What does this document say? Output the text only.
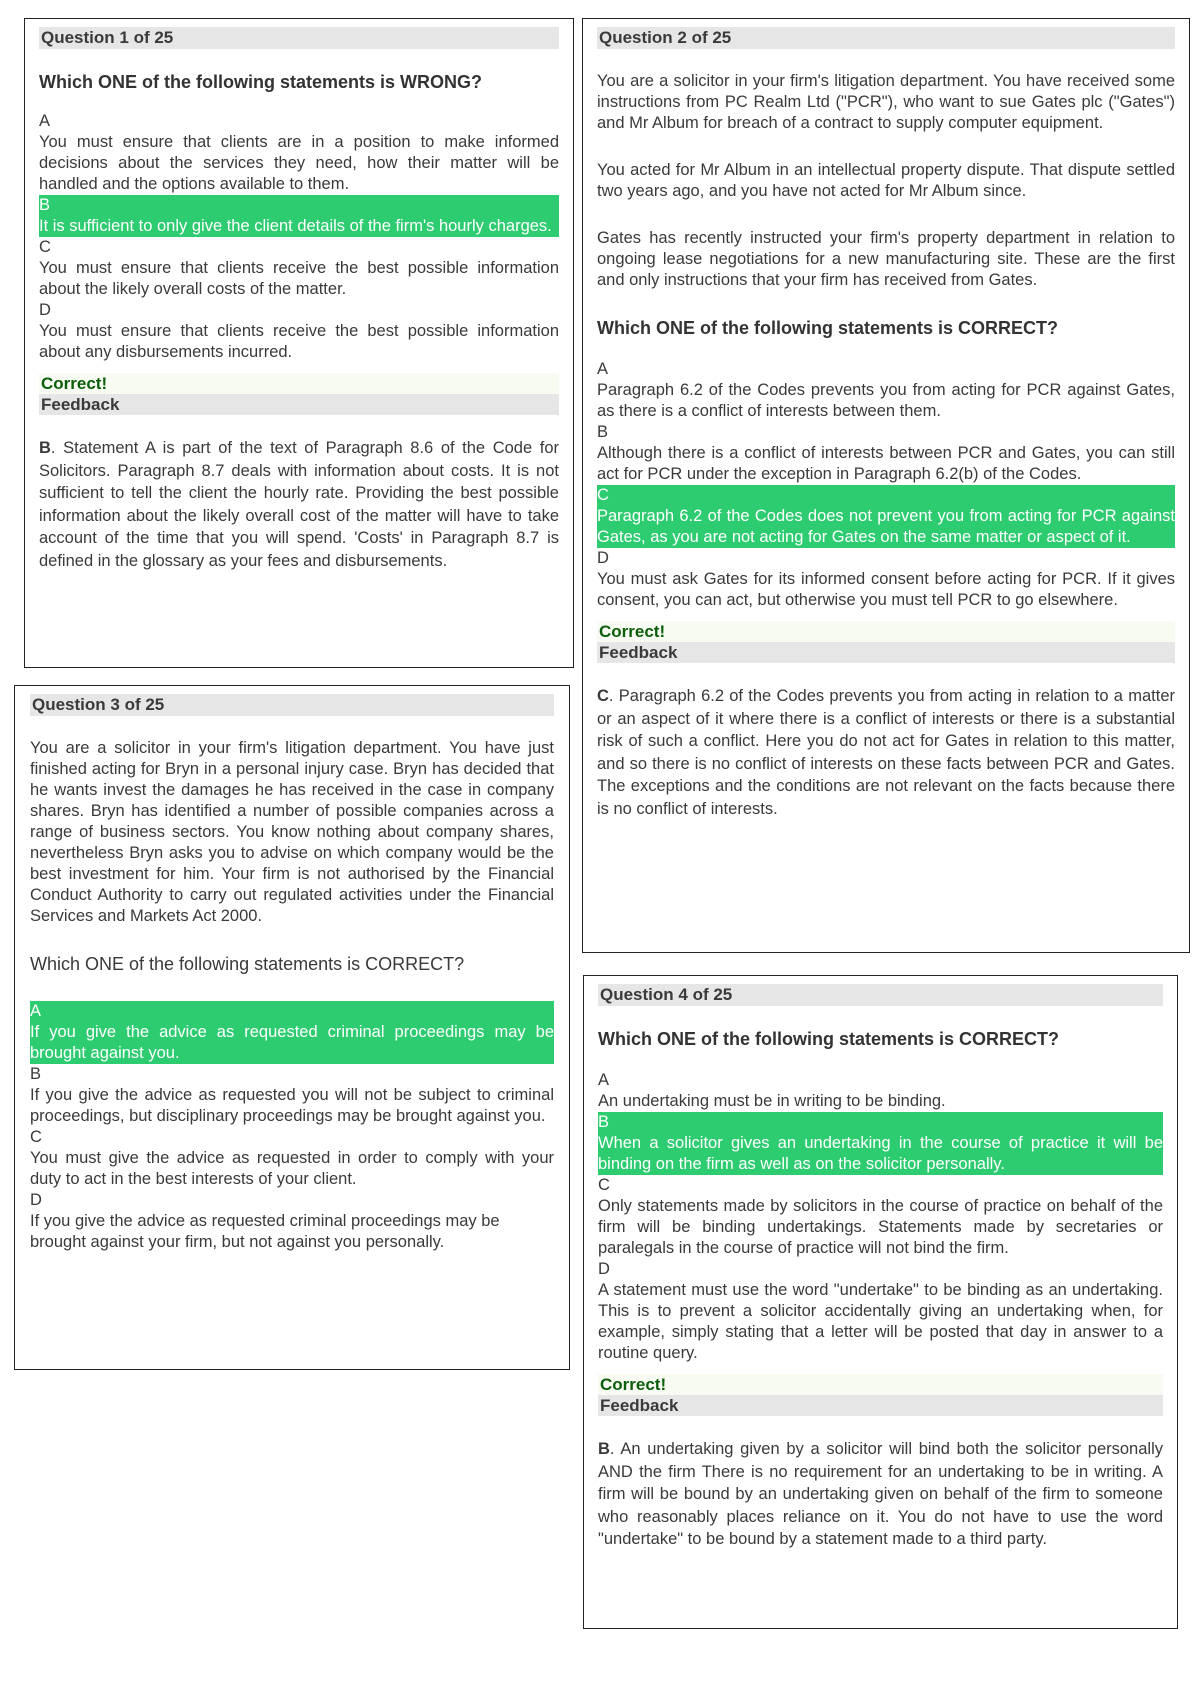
Question 1 of 25
Which ONE of the following statements is WRONG?
A
You must ensure that clients are in a position to make informed decisions about the services they need, how their matter will be handled and the options available to them.
B
It is sufficient to only give the client details of the firm's hourly charges.
C
You must ensure that clients receive the best possible information about the likely overall costs of the matter.
D
You must ensure that clients receive the best possible information about any disbursements incurred.
Correct!
Feedback
B. Statement A is part of the text of Paragraph 8.6 of the Code for Solicitors. Paragraph 8.7 deals with information about costs. It is not sufficient to tell the client the hourly rate. Providing the best possible information about the likely overall cost of the matter will have to take account of the time that you will spend. 'Costs' in Paragraph 8.7 is defined in the glossary as your fees and disbursements.
Question 2 of 25
You are a solicitor in your firm's litigation department. You have received some instructions from PC Realm Ltd ("PCR"), who want to sue Gates plc ("Gates") and Mr Album for breach of a contract to supply computer equipment.
You acted for Mr Album in an intellectual property dispute. That dispute settled two years ago, and you have not acted for Mr Album since.
Gates has recently instructed your firm's property department in relation to ongoing lease negotiations for a new manufacturing site. These are the first and only instructions that your firm has received from Gates.
Which ONE of the following statements is CORRECT?
A
Paragraph 6.2 of the Codes prevents you from acting for PCR against Gates, as there is a conflict of interests between them.
B
Although there is a conflict of interests between PCR and Gates, you can still act for PCR under the exception in Paragraph 6.2(b) of the Codes.
C
Paragraph 6.2 of the Codes does not prevent you from acting for PCR against Gates, as you are not acting for Gates on the same matter or aspect of it.
D
You must ask Gates for its informed consent before acting for PCR. If it gives consent, you can act, but otherwise you must tell PCR to go elsewhere.
Correct!
Feedback
C. Paragraph 6.2 of the Codes prevents you from acting in relation to a matter or an aspect of it where there is a conflict of interests or there is a substantial risk of such a conflict. Here you do not act for Gates in relation to this matter, and so there is no conflict of interests on these facts between PCR and Gates. The exceptions and the conditions are not relevant on the facts because there is no conflict of interests.
Question 3 of 25
You are a solicitor in your firm's litigation department. You have just finished acting for Bryn in a personal injury case. Bryn has decided that he wants invest the damages he has received in the case in company shares. Bryn has identified a number of possible companies across a range of business sectors. You know nothing about company shares, nevertheless Bryn asks you to advise on which company would be the best investment for him. Your firm is not authorised by the Financial Conduct Authority to carry out regulated activities under the Financial Services and Markets Act 2000.
Which ONE of the following statements is CORRECT?
A
If you give the advice as requested criminal proceedings may be brought against you.
B
If you give the advice as requested you will not be subject to criminal proceedings, but disciplinary proceedings may be brought against you.
C
You must give the advice as requested in order to comply with your duty to act in the best interests of your client.
D
If you give the advice as requested criminal proceedings may be brought against your firm, but not against you personally.
Question 4 of 25
Which ONE of the following statements is CORRECT?
A
An undertaking must be in writing to be binding.
B
When a solicitor gives an undertaking in the course of practice it will be binding on the firm as well as on the solicitor personally.
C
Only statements made by solicitors in the course of practice on behalf of the firm will be binding undertakings. Statements made by secretaries or paralegals in the course of practice will not bind the firm.
D
A statement must use the word "undertake" to be binding as an undertaking. This is to prevent a solicitor accidentally giving an undertaking when, for example, simply stating that a letter will be posted that day in answer to a routine query.
Correct!
Feedback
B. An undertaking given by a solicitor will bind both the solicitor personally AND the firm There is no requirement for an undertaking to be in writing. A firm will be bound by an undertaking given on behalf of the firm to someone who reasonably places reliance on it. You do not have to use the word "undertake" to be bound by a statement made to a third party.
